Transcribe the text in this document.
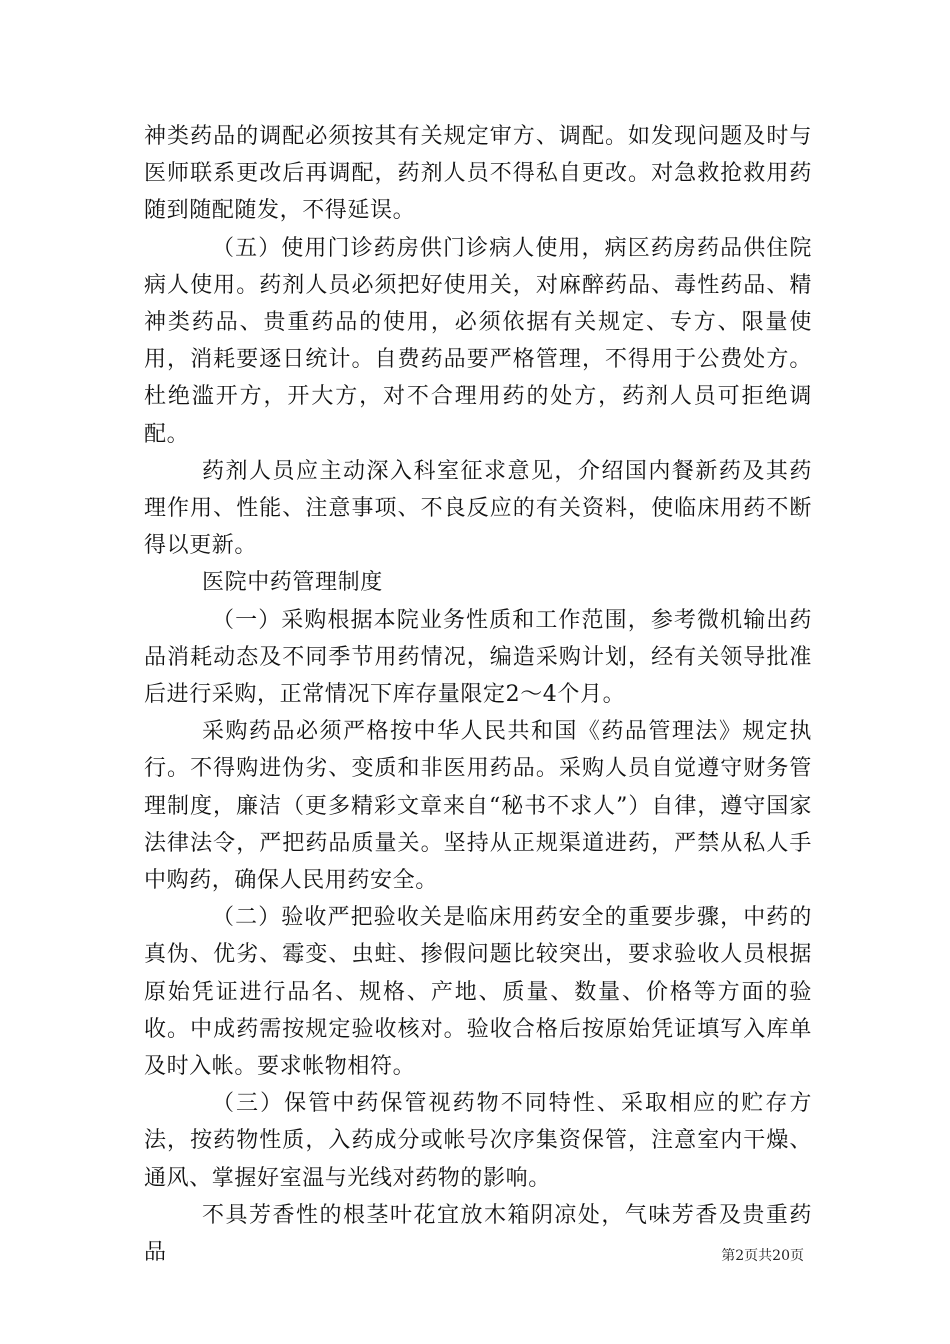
神类药品的调配必须按其有关规定审方、调配。如发现问题及时与医师联系更改后再调配，药剂人员不得私自更改。对急救抢救用药随到随配随发，不得延误。

（五）使用门诊药房供门诊病人使用，病区药房药品供住院病人使用。药剂人员必须把好使用关，对麻醉药品、毒性药品、精神类药品、贵重药品的使用，必须依据有关规定、专方、限量使用，消耗要逐日统计。自费药品要严格管理，不得用于公费处方。杜绝滥开方，开大方，对不合理用药的处方，药剂人员可拒绝调配。

药剂人员应主动深入科室征求意见，介绍国内餐新药及其药理作用、性能、注意事项、不良反应的有关资料，使临床用药不断得以更新。

医院中药管理制度

（一）采购根据本院业务性质和工作范围，参考微机输出药品消耗动态及不同季节用药情况，编造采购计划，经有关领导批准后进行采购，正常情况下库存量限定2～4个月。

采购药品必须严格按中华人民共和国《药品管理法》规定执行。不得购进伪劣、变质和非医用药品。采购人员自觉遵守财务管理制度，廉洁（更多精彩文章来自“秘书不求人”）自律，遵守国家法律法令，严把药品质量关。坚持从正规渠道进药，严禁从私人手中购药，确保人民用药安全。

（二）验收严把验收关是临床用药安全的重要步骤，中药的真伪、优劣、霉变、虫蛀、掺假问题比较突出，要求验收人员根据原始凭证进行品名、规格、产地、质量、数量、价格等方面的验收。中成药需按规定验收核对。验收合格后按原始凭证填写入库单及时入帐。要求帐物相符。

（三）保管中药保管视药物不同特性、采取相应的贮存方法，按药物性质，入药成分或帐号次序集资保管，注意室内干燥、通风、掌握好室温与光线对药物的影响。

不具芳香性的根茎叶花宜放木箱阴凉处，气味芳香及贵重药品	第2页共20页
